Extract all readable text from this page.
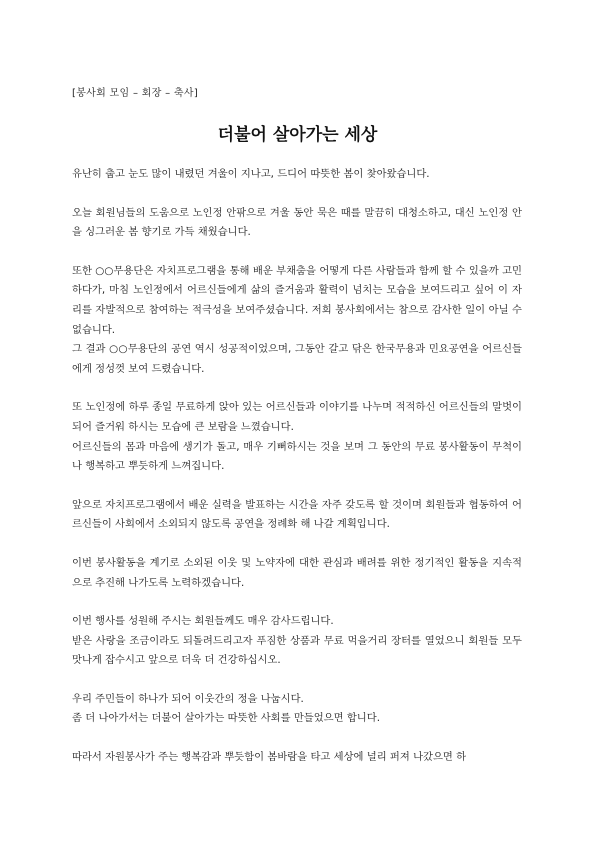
[봉사회 모임 – 회장 – 축사]
더불어 살아가는 세상

유난히 춥고 눈도 많이 내렸던 겨울이 지나고, 드디어 따뜻한 봄이 찾아왔습니다.

오늘 회원님들의 도움으로 노인정 안팎으로 겨울 동안 묵은 때를 말끔히 대청소하고, 대신 노인정 안을 싱그러운 봄 향기로 가득 채웠습니다.

또한 ○○무용단은 자치프로그램을 통해 배운 부채춤을 어떻게 다른 사람들과 함께 할 수 있을까 고민하다가, 마침 노인정에서 어르신들에게 삶의 즐거움과 활력이 넘치는 모습을 보여드리고 싶어 이 자리를 자발적으로 참여하는 적극성을 보여주셨습니다. 저희 봉사회에서는 참으로 감사한 일이 아닐 수 없습니다.

그 결과 ○○무용단의 공연 역시 성공적이었으며, 그동안 갈고 닦은 한국무용과 민요공연을 어르신들에게 정성껏 보여 드렸습니다.

또 노인정에 하루 종일 무료하게 앉아 있는 어르신들과 이야기를 나누며 적적하신 어르신들의 말벗이 되어 즐거워 하시는 모습에 큰 보람을 느꼈습니다.

어르신들의 몸과 마음에 생기가 돌고, 매우 기뻐하시는 것을 보며 그 동안의 무료 봉사활동이 무척이나 행복하고 뿌듯하게 느껴집니다.

앞으로 자치프로그램에서 배운 실력을 발표하는 시간을 자주 갖도록 할 것이며 회원들과 협동하여 어르신들이 사회에서 소외되지 않도록 공연을 정례화 해 나갈 계획입니다.

이번 봉사활동을 계기로 소외된 이웃 및 노약자에 대한 관심과 배려를 위한 정기적인 활동을 지속적으로 추진해 나가도록 노력하겠습니다.

이번 행사를 성원해 주시는 회원들께도 매우 감사드립니다.

받은 사랑을 조금이라도 되돌려드리고자 푸짐한 상품과 무료 먹을거리 장터를 열었으니 회원들 모두 맛나게 잡수시고 앞으로 더욱 더 건강하십시오.

우리 주민들이 하나가 되어 이웃간의 정을 나눕시다.

좀 더 나아가서는 더불어 살아가는 따뜻한 사회를 만들었으면 합니다.

따라서 자원봉사가 주는 행복감과 뿌듯함이 봄바람을 타고 세상에 널리 퍼져 나갔으면 하
